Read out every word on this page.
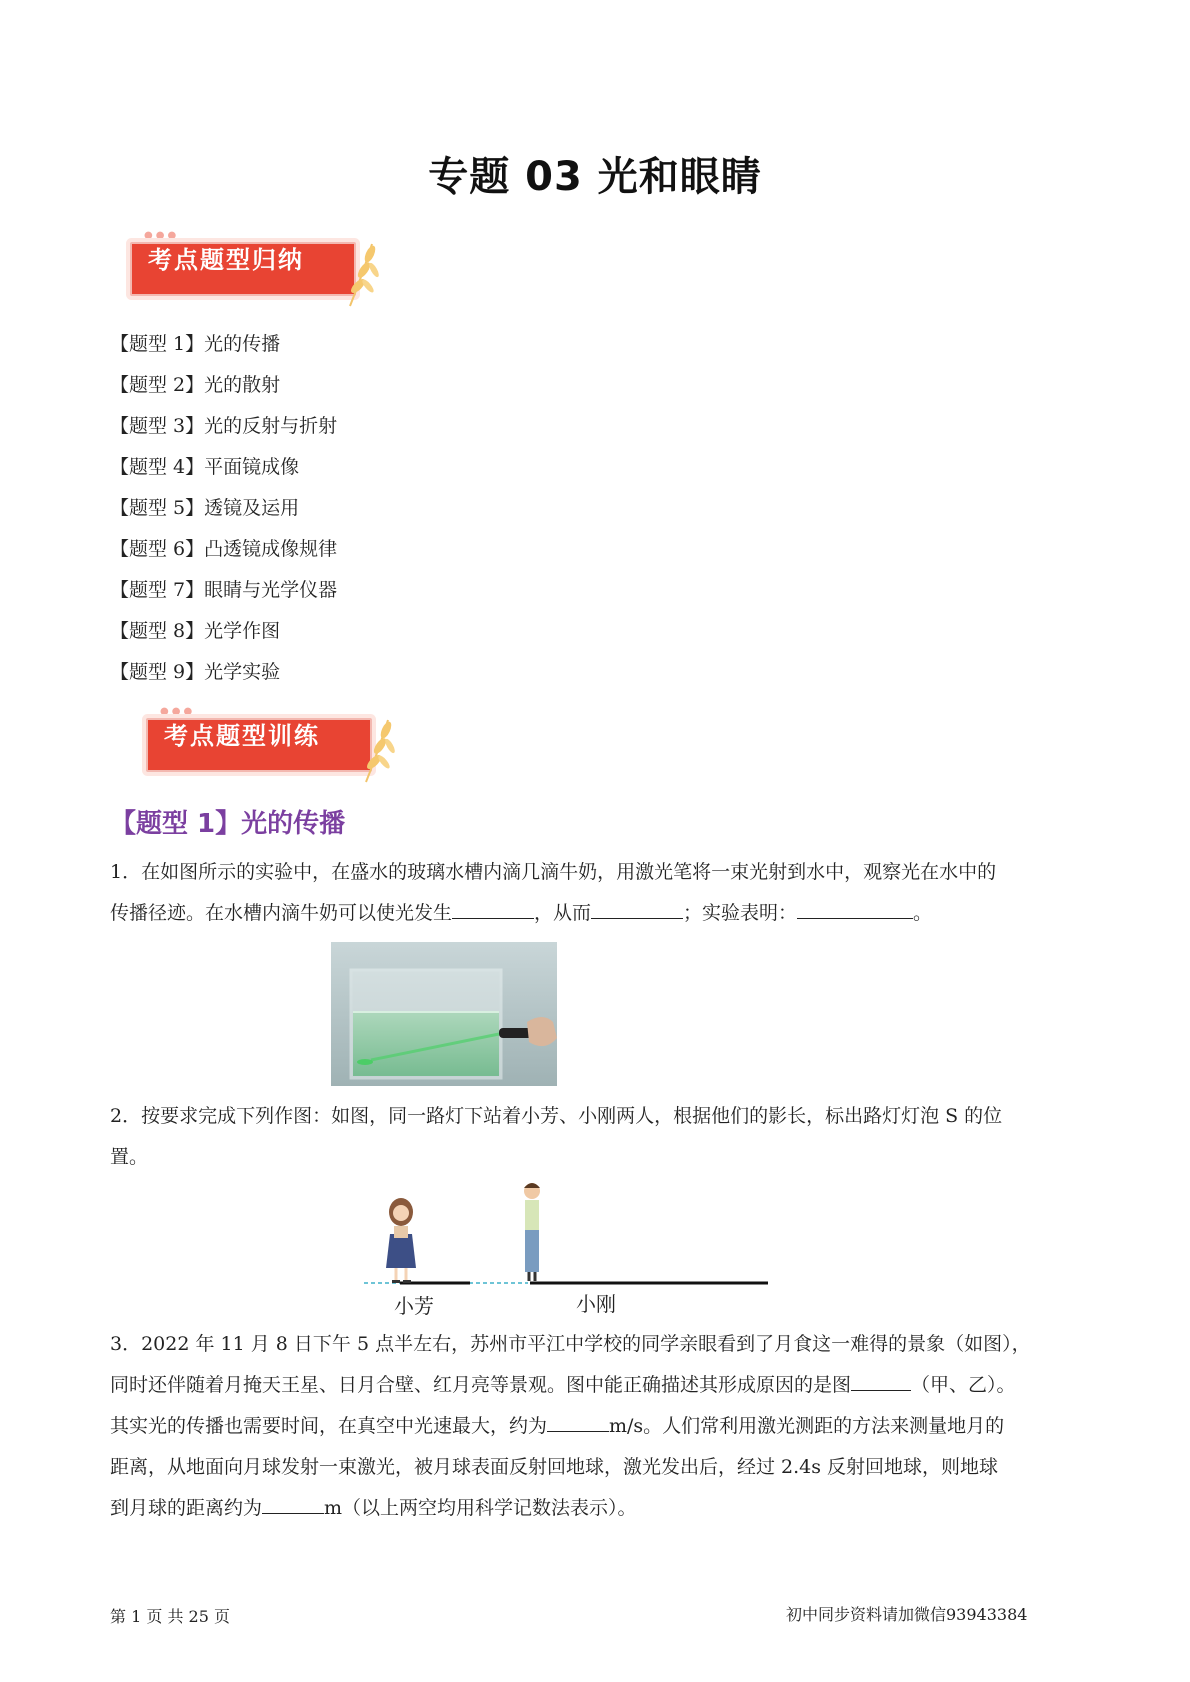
专题 03 光和眼睛
●●●
考点题型归纳
【题型 1】光的传播
【题型 2】光的散射
【题型 3】光的反射与折射
【题型 4】平面镜成像
【题型 5】透镜及运用
【题型 6】凸透镜成像规律
【题型 7】眼睛与光学仪器
【题型 8】光学作图
【题型 9】光学实验
●●●
考点题型训练
【题型 1】光的传播
1．在如图所示的实验中，在盛水的玻璃水槽内滴几滴牛奶，用激光笔将一束光射到水中，观察光在水中的
传播径迹。在水槽内滴牛奶可以使光发生	，从而	；实验表明：	。
2．按要求完成下列作图：如图，同一路灯下站着小芳、小刚两人，根据他们的影长，标出路灯灯泡 S 的位
置。
小芳	小刚
3．2022 年 11 月 8 日下午 5 点半左右，苏州市平江中学校的同学亲眼看到了月食这一难得的景象（如图），
同时还伴随着月掩天王星、日月合壁、红月亮等景观。图中能正确描述其形成原因的是图	（甲、乙）。
其实光的传播也需要时间，在真空中光速最大，约为	m/s。人们常利用激光测距的方法来测量地月的
距离，从地面向月球发射一束激光，被月球表面反射回地球，激光发出后，经过 2.4s 反射回地球，则地球
到月球的距离约为	m（以上两空均用科学记数法表示）。
第 1 页 共 25 页	初中同步资料请加微信93943384
